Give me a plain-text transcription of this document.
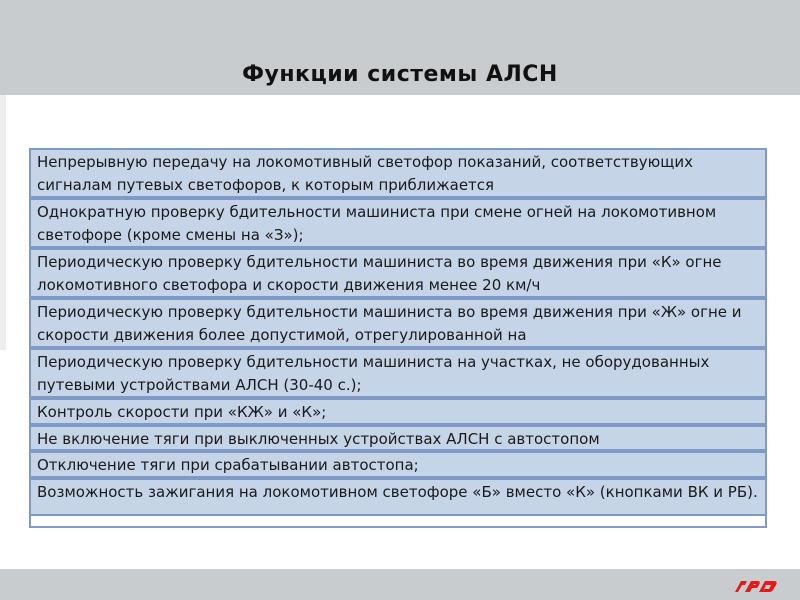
Функции системы АЛСН
Непрерывную передачу на локомотивный светофор показаний, соответствующих сигналам путевых светофоров, к которым приближается
Однократную проверку бдительности машиниста при смене огней на локомотивном светофоре (кроме смены на «З»);
Периодическую проверку бдительности машиниста во время движения при «К» огне локомотивного светофора и скорости движения менее 20 км/ч
Периодическую проверку бдительности машиниста во время движения при «Ж» огне и скорости движения более допустимой, отрегулированной на
Периодическую проверку бдительности машиниста на участках, не оборудованных путевыми устройствами АЛСН (30-40 с.);
Контроль скорости при «КЖ» и «К»;
Не включение тяги при выключенных устройствах АЛСН с автостопом
Отключение тяги при срабатывании автостопа;
Возможность зажигания на локомотивном светофоре «Б» вместо «К» (кнопками ВК и РБ).
